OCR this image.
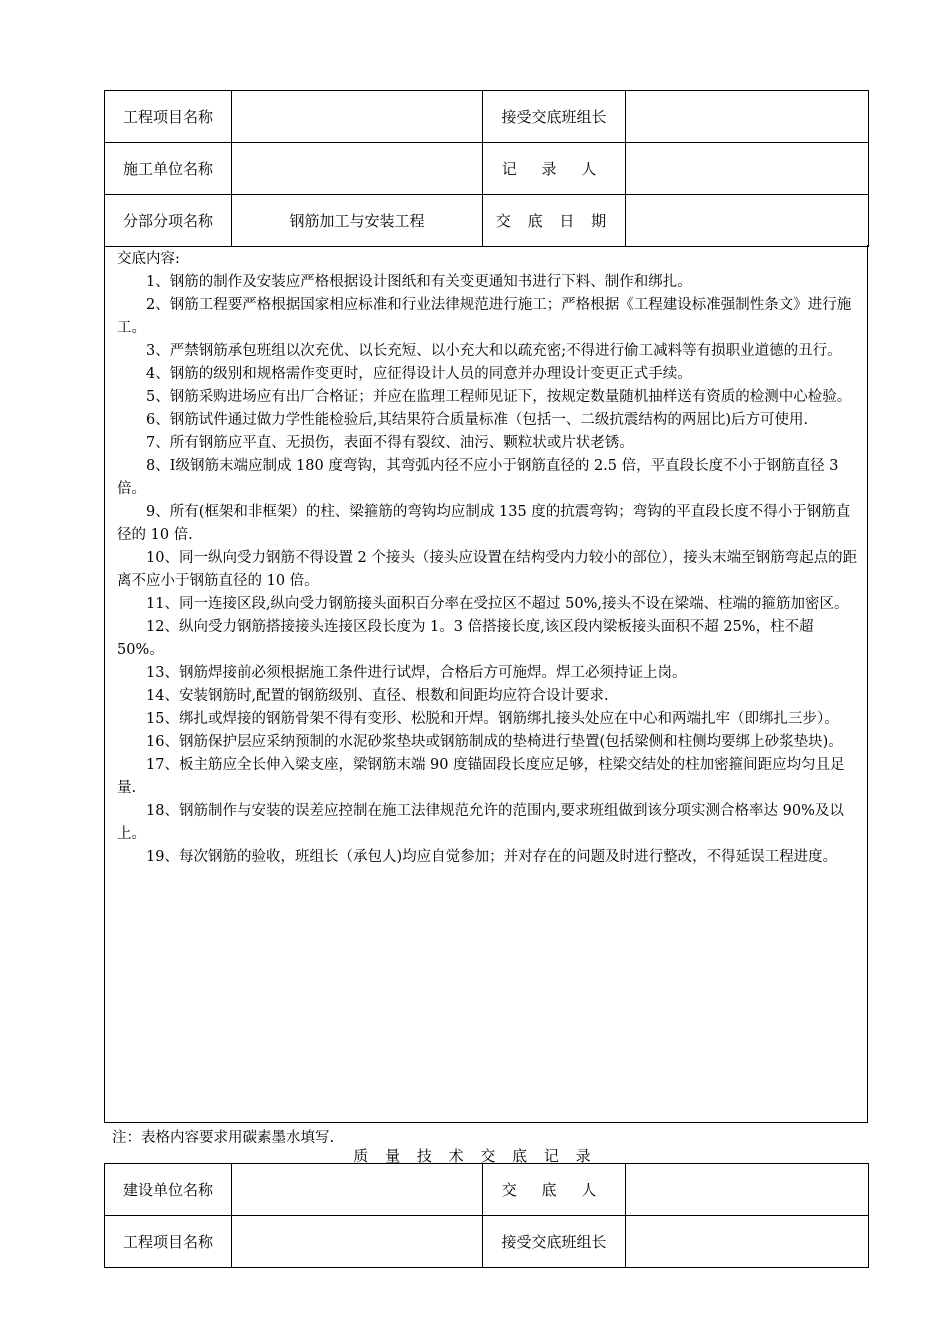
工程项目名称		接受交底班组长	
施工单位名称		记 录 人	
分部分项名称	钢筋加工与安装工程	交 底 日 期	

交底内容:

1、钢筋的制作及安装应严格根据设计图纸和有关变更通知书进行下料、制作和绑扎。

2、钢筋工程要严格根据国家相应标准和行业法律规范进行施工；严格根据《工程建设标准强制性条文》进行施工。

3、严禁钢筋承包班组以次充优、以长充短、以小充大和以疏充密;不得进行偷工减料等有损职业道德的丑行。

4、钢筋的级别和规格需作变更时，应征得设计人员的同意并办理设计变更正式手续。

5、钢筋采购进场应有出厂合格证；并应在监理工程师见证下，按规定数量随机抽样送有资质的检测中心检验。

6、钢筋试件通过做力学性能检验后,其结果符合质量标准（包括一、二级抗震结构的两屈比)后方可使用.

7、所有钢筋应平直、无损伤，表面不得有裂纹、油污、颗粒状或片状老锈。

8、Ⅰ级钢筋末端应制成 180 度弯钩，其弯弧内径不应小于钢筋直径的 2.5 倍，平直段长度不小于钢筋直径 3 倍。

9、所有(框架和非框架）的柱、梁箍筋的弯钩均应制成 135 度的抗震弯钩；弯钩的平直段长度不得小于钢筋直径的 10 倍.

10、同一纵向受力钢筋不得设置 2 个接头（接头应设置在结构受内力较小的部位），接头末端至钢筋弯起点的距离不应小于钢筋直径的 10 倍。

11、同一连接区段,纵向受力钢筋接头面积百分率在受拉区不超过 50%,接头不设在梁端、柱端的箍筋加密区。

12、纵向受力钢筋搭接接头连接区段长度为 1。3 倍搭接长度,该区段内梁板接头面积不超 25%，柱不超 50%。

13、钢筋焊接前必须根据施工条件进行试焊，合格后方可施焊。焊工必须持证上岗。

14、安装钢筋时,配置的钢筋级别、直径、根数和间距均应符合设计要求.

15、绑扎或焊接的钢筋骨架不得有变形、松脱和开焊。钢筋绑扎接头处应在中心和两端扎牢（即绑扎三步）。

16、钢筋保护层应采纳预制的水泥砂浆垫块或钢筋制成的垫椅进行垫置(包括梁侧和柱侧均要绑上砂浆垫块)。

17、板主筋应全长伸入梁支座，梁钢筋末端 90 度锚固段长度应足够，柱梁交结处的柱加密箍间距应均匀且足量.

18、钢筋制作与安装的误差应控制在施工法律规范允许的范围内,要求班组做到该分项实测合格率达 90%及以上。

19、每次钢筋的验收，班组长（承包人)均应自觉参加；并对存在的问题及时进行整改，不得延误工程进度。

注：表格内容要求用碳素墨水填写.
质 量 技 术 交 底 记 录
建设单位名称		交 底 人	
工程项目名称		接受交底班组长	
